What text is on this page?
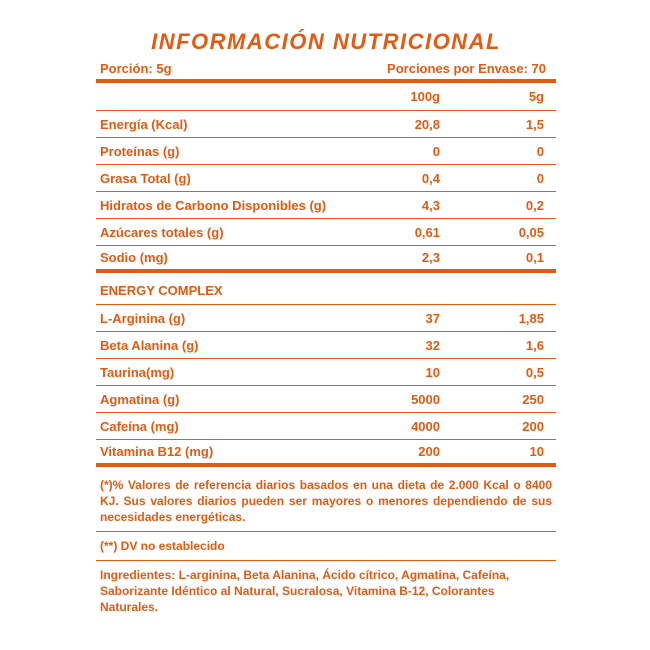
INFORMACIÓN NUTRICIONAL
Porción: 5g	Porciones por Envase: 70
100g	5g
Energía (Kcal)	20,8	1,5
Proteínas (g)	0	0
Grasa Total (g)	0,4	0
Hidratos de Carbono Disponibles (g)	4,3	0,2
Azúcares totales (g)	0,61	0,05
Sodio (mg)	2,3	0,1
ENERGY COMPLEX
L-Arginina (g)	37	1,85
Beta Alanina (g)	32	1,6
Taurina(mg)	10	0,5
Agmatina (g)	5000	250
Cafeína (mg)	4000	200
Vitamina B12 (mg)	200	10
(*)% Valores de referencia diarios basados en una dieta de 2.000 Kcal o 8400 KJ. Sus valores diarios pueden ser mayores o menores dependiendo de sus necesidades energéticas.
(**) DV no establecido
Ingredientes: L-arginina, Beta Alanina, Ácido cítrico, Agmatina, Cafeína, Saborizante Idéntico al Natural, Sucralosa, Vitamina B-12, Colorantes Naturales.
